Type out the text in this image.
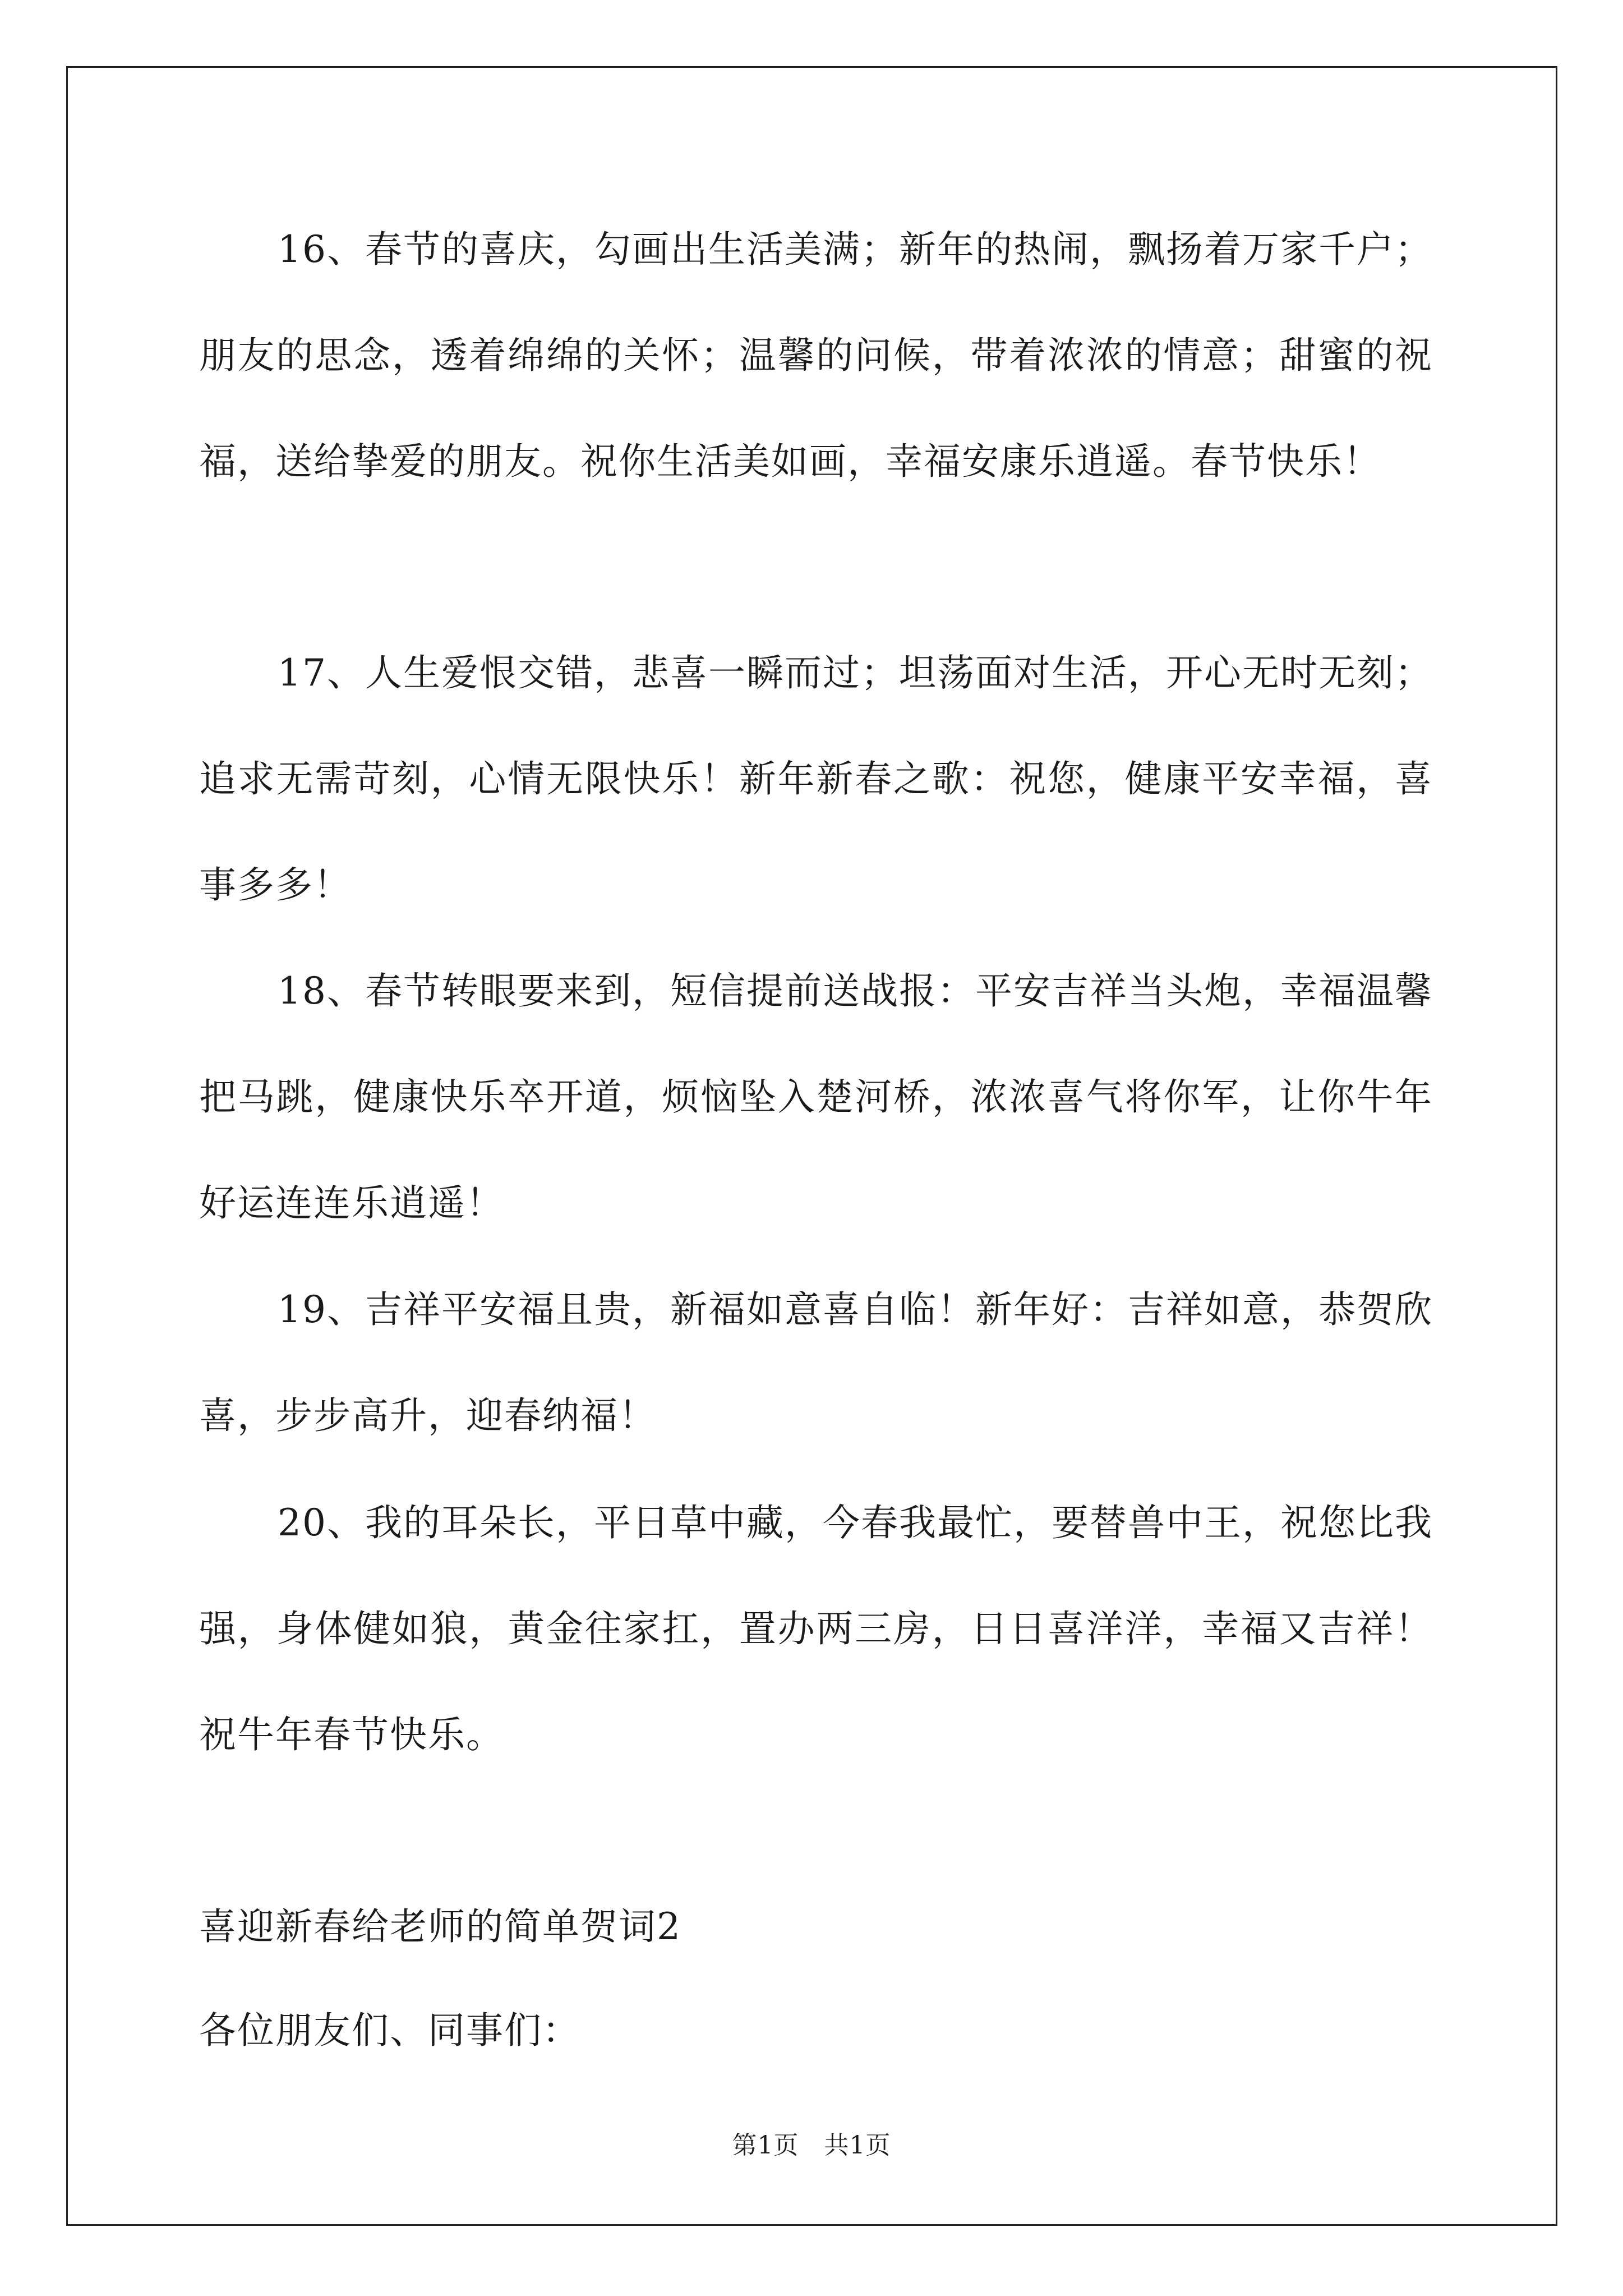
16、春节的喜庆，勾画出生活美满；新年的热闹，飘扬着万家千户；朋友的思念，透着绵绵的关怀；温馨的问候，带着浓浓的情意；甜蜜的祝福，送给挚爱的朋友。祝你生活美如画，幸福安康乐逍遥。春节快乐！

17、人生爱恨交错，悲喜一瞬而过；坦荡面对生活，开心无时无刻；追求无需苛刻，心情无限快乐！新年新春之歌：祝您，健康平安幸福，喜事多多！

18、春节转眼要来到，短信提前送战报：平安吉祥当头炮，幸福温馨把马跳，健康快乐卒开道，烦恼坠入楚河桥，浓浓喜气将你军，让你牛年好运连连乐逍遥！

19、吉祥平安福且贵，新福如意喜自临！新年好：吉祥如意，恭贺欣喜，步步高升，迎春纳福！

20、我的耳朵长，平日草中藏，今春我最忙，要替兽中王，祝您比我强，身体健如狼，黄金往家扛，置办两三房，日日喜洋洋，幸福又吉祥！祝牛年春节快乐。

喜迎新春给老师的简单贺词2

各位朋友们、同事们：

第1页　共1页
